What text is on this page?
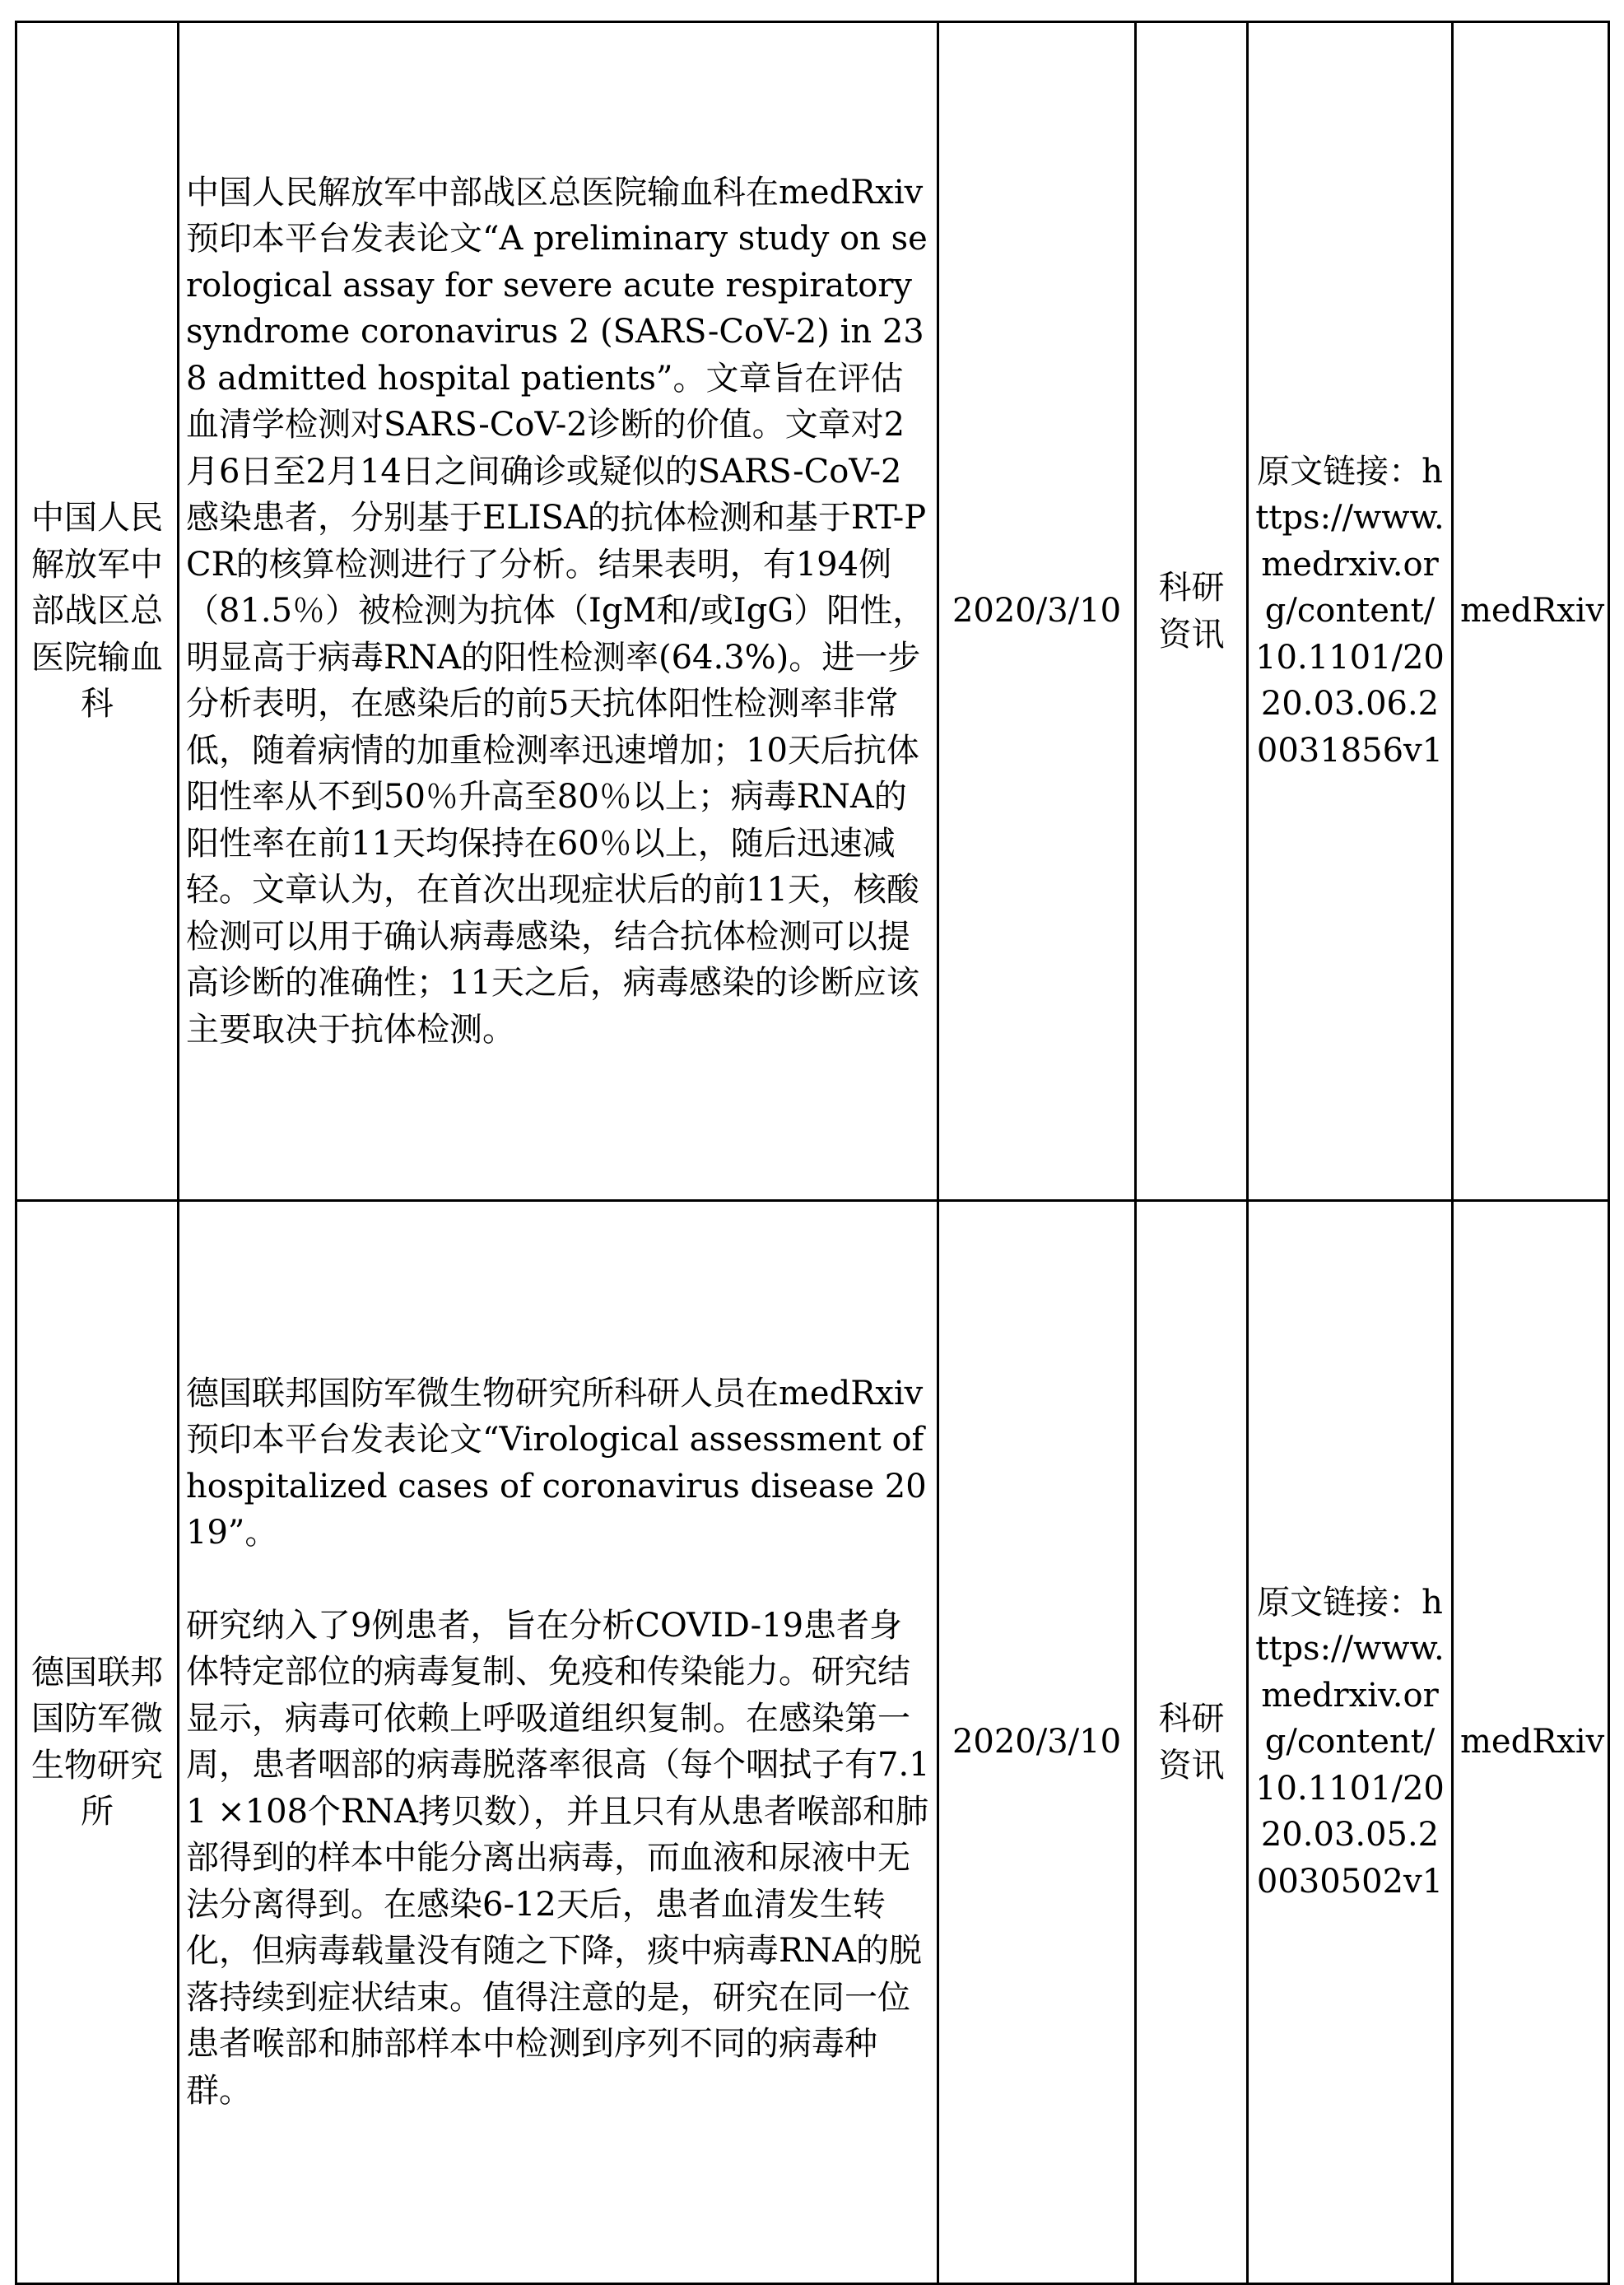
中国人民解放军中部战区总医院输血科	中国人民解放军中部战区总医院输血科在medRxiv预印本平台发表论文“A preliminary study on serological assay for severe acute respiratory syndrome coronavirus 2 (SARS-CoV-2) in 238 admitted hospital patients”。文章旨在评估血清学检测对SARS-CoV-2诊断的价值。文章对2月6日至2月14日之间确诊或疑似的SARS-CoV-2感染患者，分别基于ELISA的抗体检测和基于RT-PCR的核算检测进行了分析。结果表明，有194例（81.5％）被检测为抗体（IgM和/或IgG）阳性，明显高于病毒RNA的阳性检测率(64.3%)。进一步分析表明，在感染后的前5天抗体阳性检测率非常低，随着病情的加重检测率迅速增加；10天后抗体阳性率从不到50％升高至80％以上；病毒RNA的阳性率在前11天均保持在60％以上，随后迅速减轻。文章认为，在首次出现症状后的前11天，核酸检测可以用于确认病毒感染，结合抗体检测可以提高诊断的准确性；11天之后，病毒感染的诊断应该主要取决于抗体检测。	2020/3/10	科研资讯	原文链接：https://www.medrxiv.org/content/10.1101/2020.03.06.20031856v1	medRxiv
德国联邦国防军微生物研究所	德国联邦国防军微生物研究所科研人员在medRxiv预印本平台发表论文“Virological assessment of hospitalized cases of coronavirus disease 2019”。
研究纳入了9例患者，旨在分析COVID-19患者身体特定部位的病毒复制、免疫和传染能力。研究结显示，病毒可依赖上呼吸道组织复制。在感染第一周，患者咽部的病毒脱落率很高（每个咽拭子有7.11 ×108个RNA拷贝数），并且只有从患者喉部和肺部得到的样本中能分离出病毒，而血液和尿液中无法分离得到。在感染6-12天后，患者血清发生转化，但病毒载量没有随之下降，痰中病毒RNA的脱落持续到症状结束。值得注意的是，研究在同一位患者喉部和肺部样本中检测到序列不同的病毒种群。	2020/3/10	科研资讯	原文链接：https://www.medrxiv.org/content/10.1101/2020.03.05.20030502v1	medRxiv
